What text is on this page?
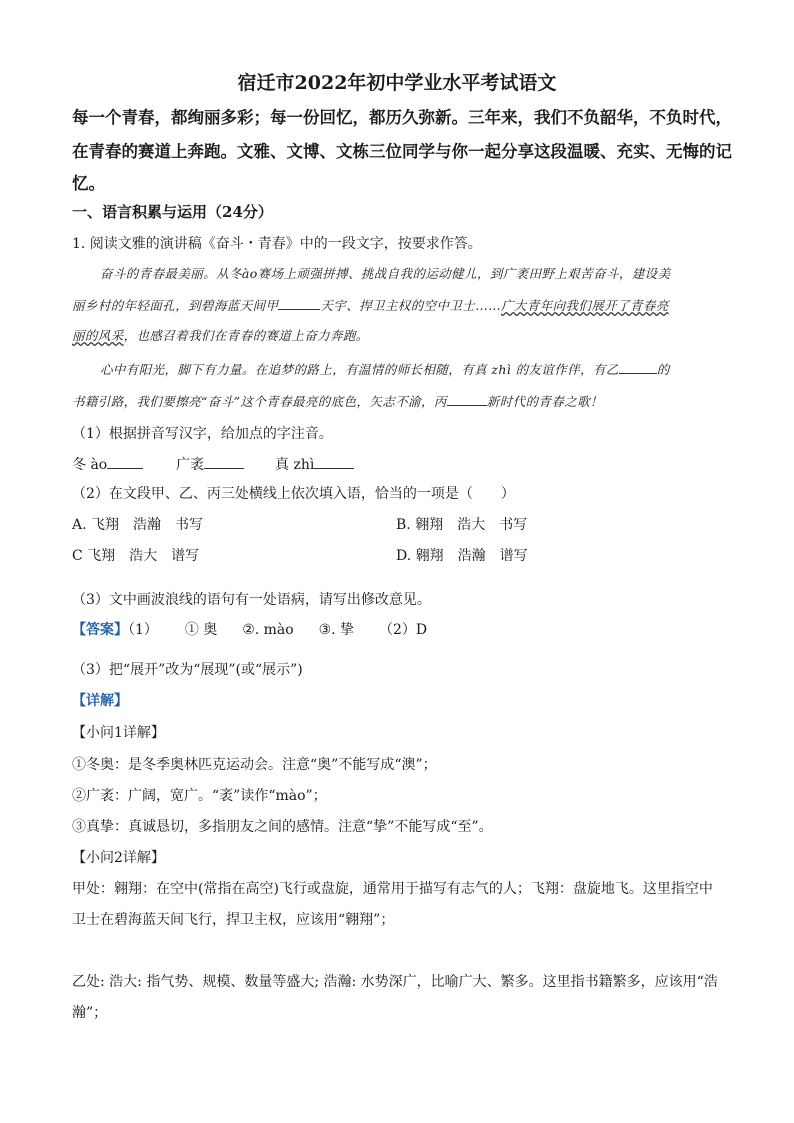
宿迁市2022年初中学业水平考试语文
每一个青春，都绚丽多彩；每一份回忆，都历久弥新。三年来，我们不负韶华，不负时代，
在青春的赛道上奔跑。文雅、文博、文栋三位同学与你一起分享这段温暖、充实、无悔的记
忆。
一、语言积累与运用（24分）
1. 阅读文雅的演讲稿《奋斗・青春》中的一段文字，按要求作答。
奋斗的青春最美丽。从冬ào赛场上顽强拼搏、挑战自我的运动健儿，到广袤田野上艰苦奋斗，建设美
丽乡村的年轻面孔，到碧海蓝天间甲	天宇、捍卫主权的空中卫士……广大青年向我们展开了青春亮
丽的风采，也感召着我们在青春的赛道上奋力奔跑。
心中有阳光，脚下有力量。在追梦的路上，有温情的师长相随，有真 zhì 的友谊作伴，有乙	的
书籍引路，我们要擦亮“奋斗”这个青春最亮的底色，矢志不渝，丙	新时代的青春之歌！
（1）根据拼音写汉字，给加点的字注音。
冬 ào	广袤	真 zhì
（2）在文段甲、乙、丙三处横线上依次填入语，恰当的一项是（　　）
A. 飞翔　浩瀚　书写	B. 翱翔　浩大　书写
C 飞翔　浩大　谱写	D. 翱翔　浩瀚　谱写
（3）文中画波浪线的语句有一处语病，请写出修改意见。
【答案】（1） ① 奥 ②. mào ③. 挚 （2）D
（3）把“展开”改为“展现”(或“展示”)
【详解】
【小问1详解】
①冬奥：是冬季奥林匹克运动会。注意“奥”不能写成“澳”；
②广袤：广阔，宽广。“袤”读作“mào”；
③真挚：真诚恳切，多指朋友之间的感情。注意“挚”不能写成“至”。
【小问2详解】
甲处：翱翔：在空中(常指在高空)飞行或盘旋，通常用于描写有志气的人；飞翔：盘旋地飞。这里指空中
卫士在碧海蓝天间飞行，捍卫主权，应该用“翱翔”；
乙处: 浩大: 指气势、规模、数量等盛大; 浩瀚: 水势深广，比喻广大、繁多。这里指书籍繁多，应该用“浩
瀚”；
